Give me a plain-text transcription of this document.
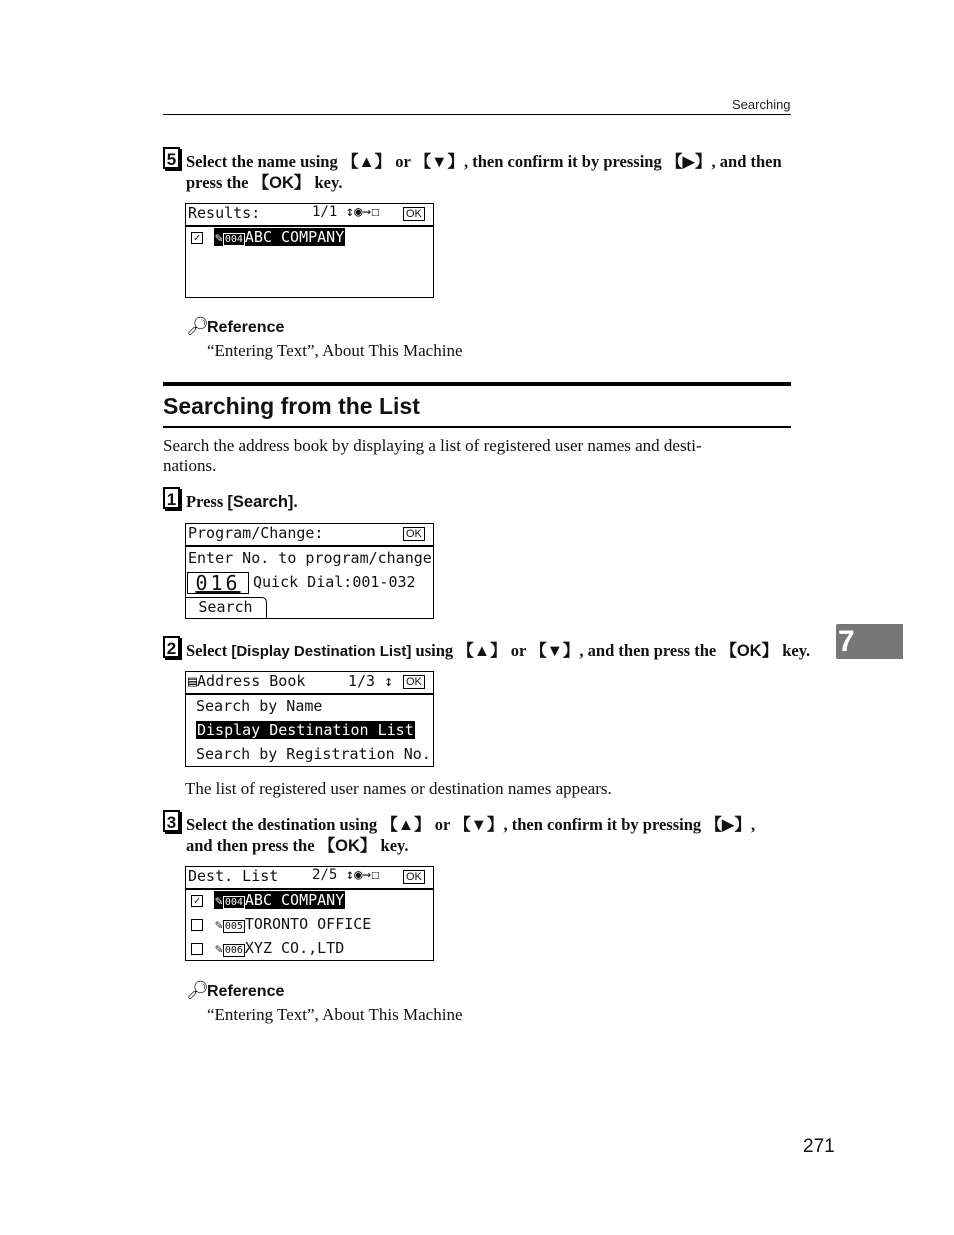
Searching
5 Select the name using 【▲】 or 【▼】, then confirm it by pressing 【▶】, and then
press the 【OK】 key.
Results:	1/1 ↕◉→☐ OK
✓ ✎ 004 ABC COMPANY
🔎︎
Reference
“Entering Text”, About This Machine
Searching from the List
Search the address book by displaying a list of registered user names and desti-
nations.
1 Press [Search].
Program/Change:	OK
Enter No. to program/change
016 Quick Dial:001-032
Search
2 Select [Display Destination List] using 【▲】 or 【▼】, and then press the 【OK】 key.
▤Address Book	1/3 ↕ OK
Search by Name
Display Destination List
Search by Registration No.
The list of registered user names or destination names appears.
3 Select the destination using 【▲】 or 【▼】, then confirm it by pressing 【▶】,
and then press the 【OK】 key.
Dest. List 2/5 ↕◉→☐ OK
✓ ✎ 004 ABC COMPANY
✎ 005 TORONTO OFFICE
✎ 006 XYZ CO.,LTD
🔎︎
Reference
“Entering Text”, About This Machine
7
271
